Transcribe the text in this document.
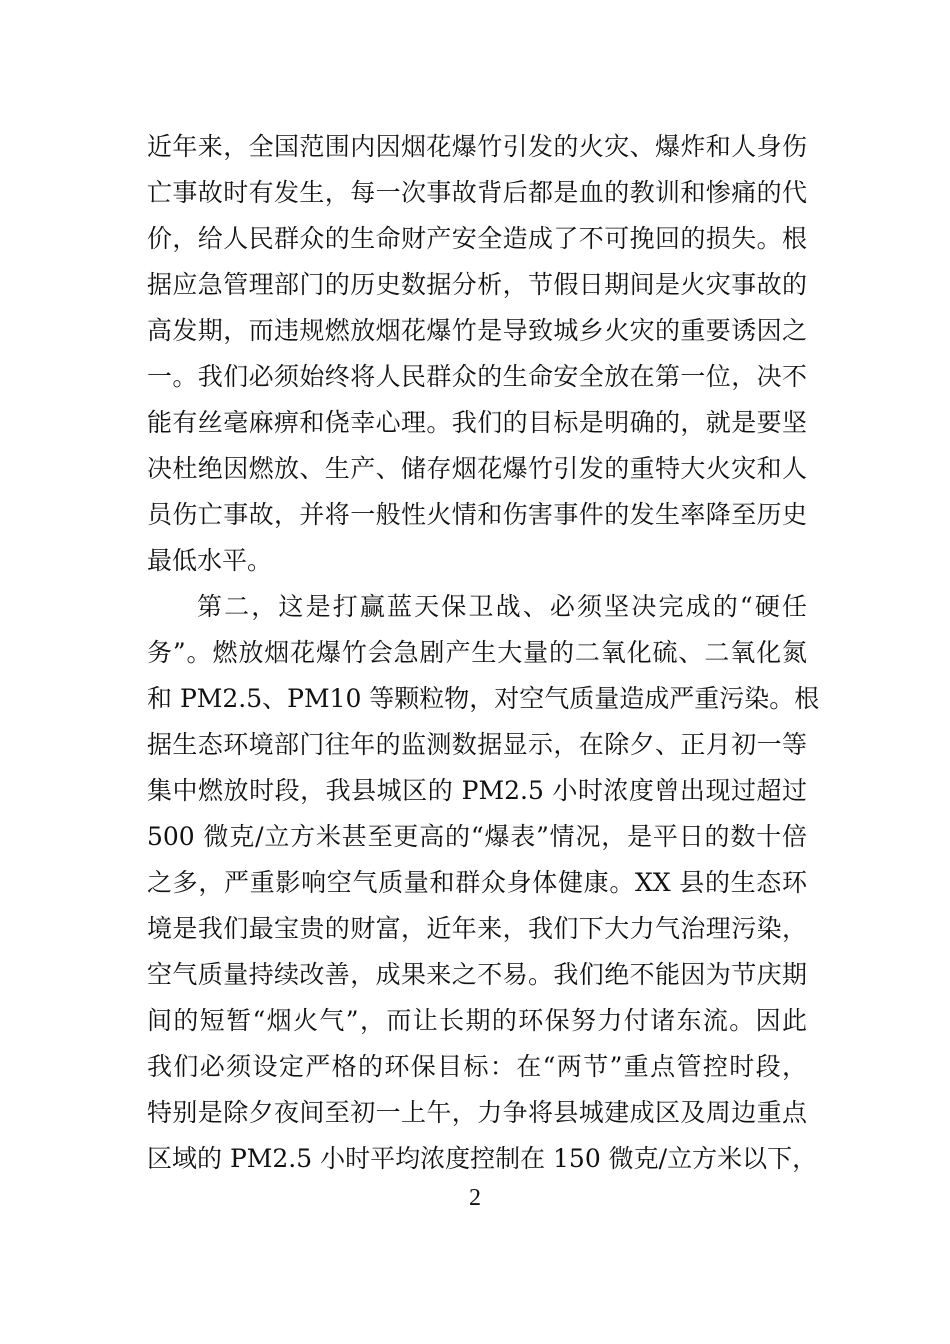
近年来，全国范围内因烟花爆竹引发的火灾、爆炸和人身伤
亡事故时有发生，每一次事故背后都是血的教训和惨痛的代
价，给人民群众的生命财产安全造成了不可挽回的损失。根
据应急管理部门的历史数据分析，节假日期间是火灾事故的
高发期，而违规燃放烟花爆竹是导致城乡火灾的重要诱因之
一。我们必须始终将人民群众的生命安全放在第一位，决不
能有丝毫麻痹和侥幸心理。我们的目标是明确的，就是要坚
决杜绝因燃放、生产、储存烟花爆竹引发的重特大火灾和人
员伤亡事故，并将一般性火情和伤害事件的发生率降至历史
最低水平。
第二，这是打赢蓝天保卫战、必须坚决完成的“硬任
务”。燃放烟花爆竹会急剧产生大量的二氧化硫、二氧化氮
和 PM2.5、PM10 等颗粒物，对空气质量造成严重污染。根
据生态环境部门往年的监测数据显示，在除夕、正月初一等
集中燃放时段，我县城区的 PM2.5 小时浓度曾出现过超过
500 微克/立方米甚至更高的“爆表”情况，是平日的数十倍
之多，严重影响空气质量和群众身体健康。XX 县的生态环
境是我们最宝贵的财富，近年来，我们下大力气治理污染，
空气质量持续改善，成果来之不易。我们绝不能因为节庆期
间的短暂“烟火气”，而让长期的环保努力付诸东流。因此
我们必须设定严格的环保目标：在“两节”重点管控时段，
特别是除夕夜间至初一上午，力争将县城建成区及周边重点
区域的 PM2.5 小时平均浓度控制在 150 微克/立方米以下，
2
